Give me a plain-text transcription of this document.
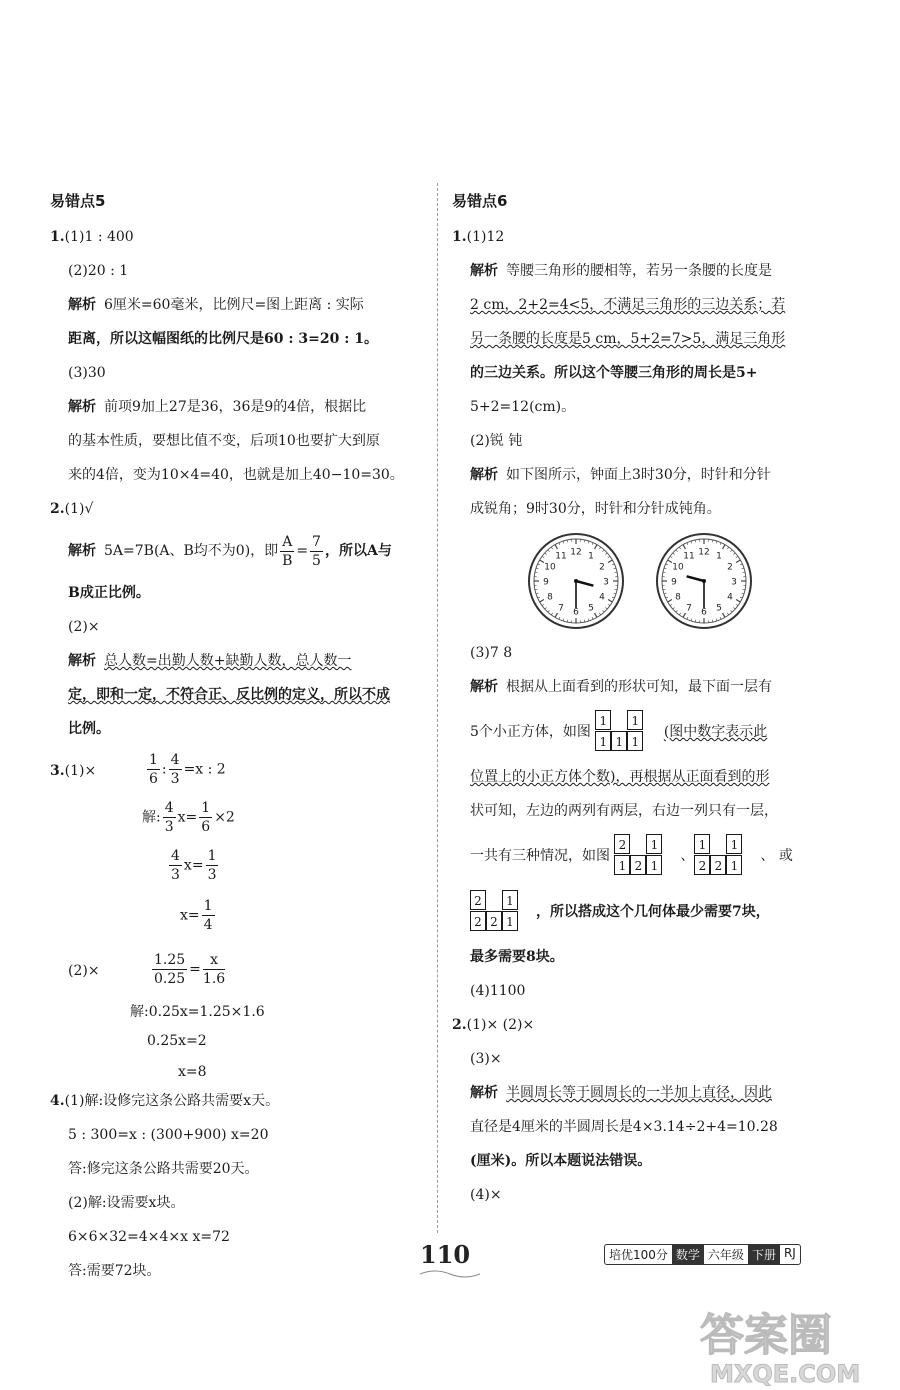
易错点5
1.(1)1 : 400
(2)20 : 1
解析 6厘米=60毫米，比例尺=图上距离 : 实际
距离，所以这幅图纸的比例尺是60 : 3=20 : 1。
(3)30
解析 前项9加上27是36，36是9的4倍，根据比
的基本性质，要想比值不变，后项10也要扩大到原
来的4倍，变为10×4=40，也就是加上40−10=30。
2.(1)√
解析 5A=7B(A、B均不为0)，即 $\frac{A}{B} = \frac{7}{5}$ ，所以A与
B成正比例。
(2)×
解析 总人数=出勤人数+缺勤人数，总人数一
定，即和一定，不符合正、反比例的定义，所以不成
比例。
3.(1)×	$\frac{1}{6}$ : $\frac{4}{3} =x$ : 2
解: $\frac{4}{3} x= \frac{1}{6} \times 2$
$\frac{4}{3} x= \frac{1}{3}$
$x= \frac{1}{4}$
(2)×	$\frac{1.25}{0.25} = \frac{x}{1.6}$
解:0.25x=1.25×1.6
0.25x=2
x=8
4.(1)解:设修完这条公路共需要x天。
5 : 300=x : (300+900) x=20
答:修完这条公路共需要20天。
(2)解:设需要x块。
6×6×32=4×4×x x=72
答:需要72块。
易错点6
1.(1)12
解析 等腰三角形的腰相等，若另一条腰的长度是
2 cm，2+2=4<5，不满足三角形的三边关系；若
另一条腰的长度是5 cm，5+2=7>5，满足三角形
的三边关系。所以这个等腰三角形的周长是5+
5+2=12(cm)。
(2)锐 钝
解析 如下图所示，钟面上3时30分，时针和分针
成锐角；9时30分，时针和分针成钝角。
12 1
2
3
4
5
6
7
8
9
10
11	12 1
2
3
4
5
6
7
8
9
10
11
(3)7 8
解析 根据从上面看到的形状可知，最下面一层有
5个小正方体，如图
1	1
1 1 1
(图中数字表示此
位置上的小正方体个数)，再根据从正面看到的形
状可知，左边的两列有两层，右边一列只有一层，
一共有三种情况，如图
2	1
1 2 1
、
1	1
2 2 1
、 或
2	1
2 2 1
，所以搭成这个几何体最少需要7块，
最多需要8块。
(4)1100
2.(1)× (2)×
(3)×
解析 半圆周长等于圆周长的一半加上直径，因此
直径是4厘米的半圆周长是4×3.14÷2+4=10.28
(厘米)。所以本题说法错误。
(4)×
110	培优100分 数学 六年级 下册 RJ
答案圈
MXQE.COM
